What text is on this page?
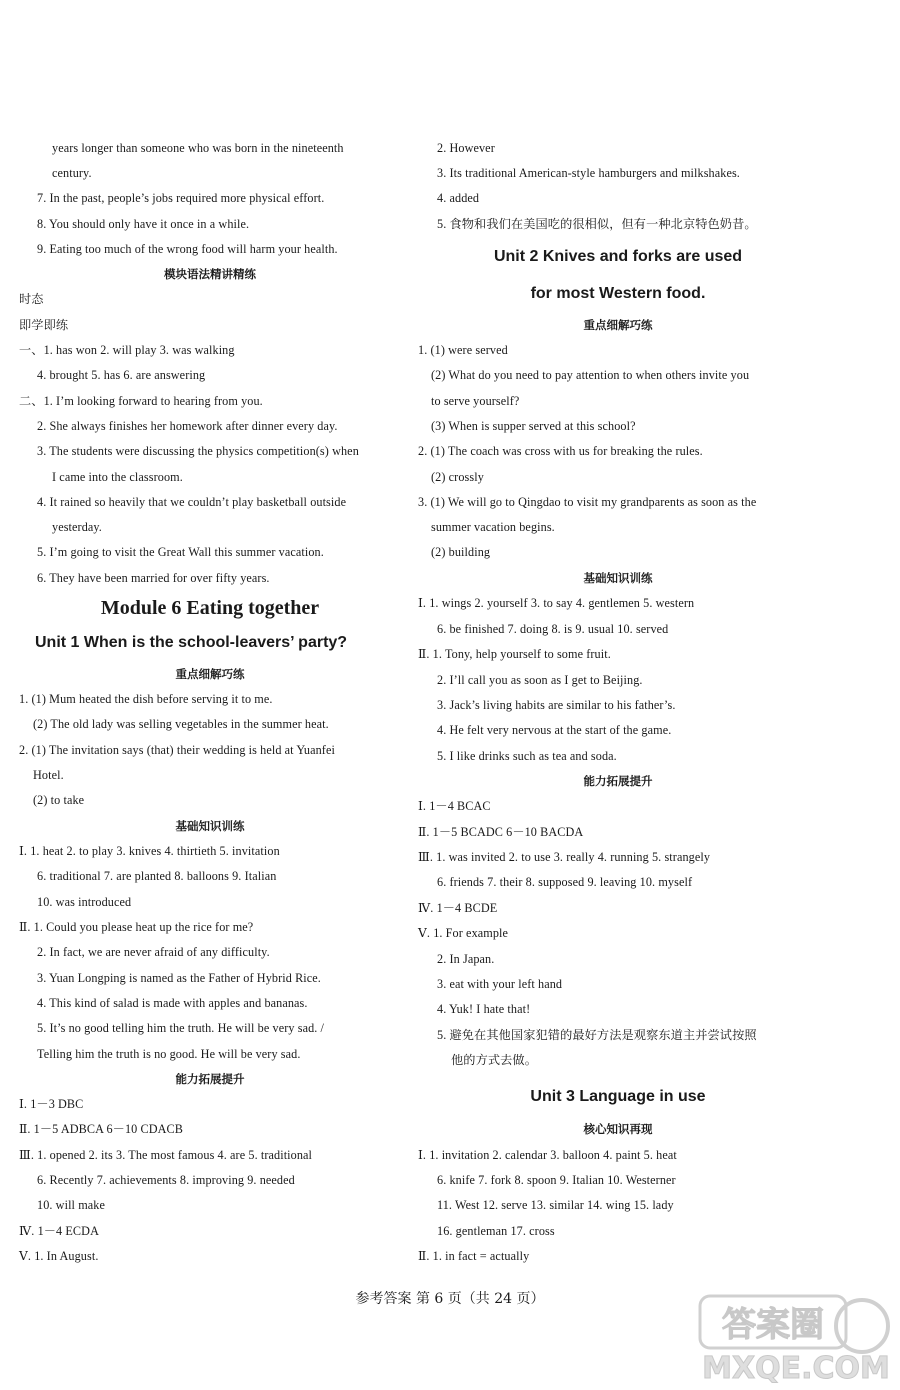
years longer than someone who was born in the nineteenth
century.
7. In the past, people’s jobs required more physical effort.
8. You should only have it once in a while.
9. Eating too much of the wrong food will harm your health.
模块语法精讲精练
时态
即学即练
一、1. has won 2. will play 3. was walking
4. brought 5. has 6. are answering
二、1. I’m looking forward to hearing from you.
2. She always finishes her homework after dinner every day.
3. The students were discussing the physics competition(s) when
I came into the classroom.
4. It rained so heavily that we couldn’t play basketball outside
yesterday.
5. I’m going to visit the Great Wall this summer vacation.
6. They have been married for over fifty years.
Module 6 Eating together
Unit 1 When is the school-leavers’ party?
重点细解巧练
1. (1) Mum heated the dish before serving it to me.
(2) The old lady was selling vegetables in the summer heat.
2. (1) The invitation says (that) their wedding is held at Yuanfei
Hotel.
(2) to take
基础知识训练
Ⅰ. 1. heat 2. to play 3. knives 4. thirtieth 5. invitation
6. traditional 7. are planted 8. balloons 9. Italian
10. was introduced
Ⅱ. 1. Could you please heat up the rice for me?
2. In fact, we are never afraid of any difficulty.
3. Yuan Longping is named as the Father of Hybrid Rice.
4. This kind of salad is made with apples and bananas.
5. It’s no good telling him the truth. He will be very sad. /
Telling him the truth is no good. He will be very sad.
能力拓展提升
Ⅰ. 1－3 DBC
Ⅱ. 1－5 ADBCA 6－10 CDACB
Ⅲ. 1. opened 2. its 3. The most famous 4. are 5. traditional
6. Recently 7. achievements 8. improving 9. needed
10. will make
Ⅳ. 1－4 ECDA
Ⅴ. 1. In August.
2. However
3. Its traditional American-style hamburgers and milkshakes.
4. added
5. 食物和我们在美国吃的很相似，但有一种北京特色奶昔。
Unit 2 Knives and forks are used
for most Western food.
重点细解巧练
1. (1) were served
(2) What do you need to pay attention to when others invite you
to serve yourself?
(3) When is supper served at this school?
2. (1) The coach was cross with us for breaking the rules.
(2) crossly
3. (1) We will go to Qingdao to visit my grandparents as soon as the
summer vacation begins.
(2) building
基础知识训练
Ⅰ. 1. wings 2. yourself 3. to say 4. gentlemen 5. western
6. be finished 7. doing 8. is 9. usual 10. served
Ⅱ. 1. Tony, help yourself to some fruit.
2. I’ll call you as soon as I get to Beijing.
3. Jack’s living habits are similar to his father’s.
4. He felt very nervous at the start of the game.
5. I like drinks such as tea and soda.
能力拓展提升
Ⅰ. 1－4 BCAC
Ⅱ. 1－5 BCADC 6－10 BACDA
Ⅲ. 1. was invited 2. to use 3. really 4. running 5. strangely
6. friends 7. their 8. supposed 9. leaving 10. myself
Ⅳ. 1－4 BCDE
Ⅴ. 1. For example
2. In Japan.
3. eat with your left hand
4. Yuk! I hate that!
5. 避免在其他国家犯错的最好方法是观察东道主并尝试按照
他的方式去做。
Unit 3 Language in use
核心知识再现
Ⅰ. 1. invitation 2. calendar 3. balloon 4. paint 5. heat
6. knife 7. fork 8. spoon 9. Italian 10. Westerner
11. West 12. serve 13. similar 14. wing 15. lady
16. gentleman 17. cross
Ⅱ. 1. in fact = actually
参考答案 第 6 页（共 24 页）
答案圈
MXQE.COM
